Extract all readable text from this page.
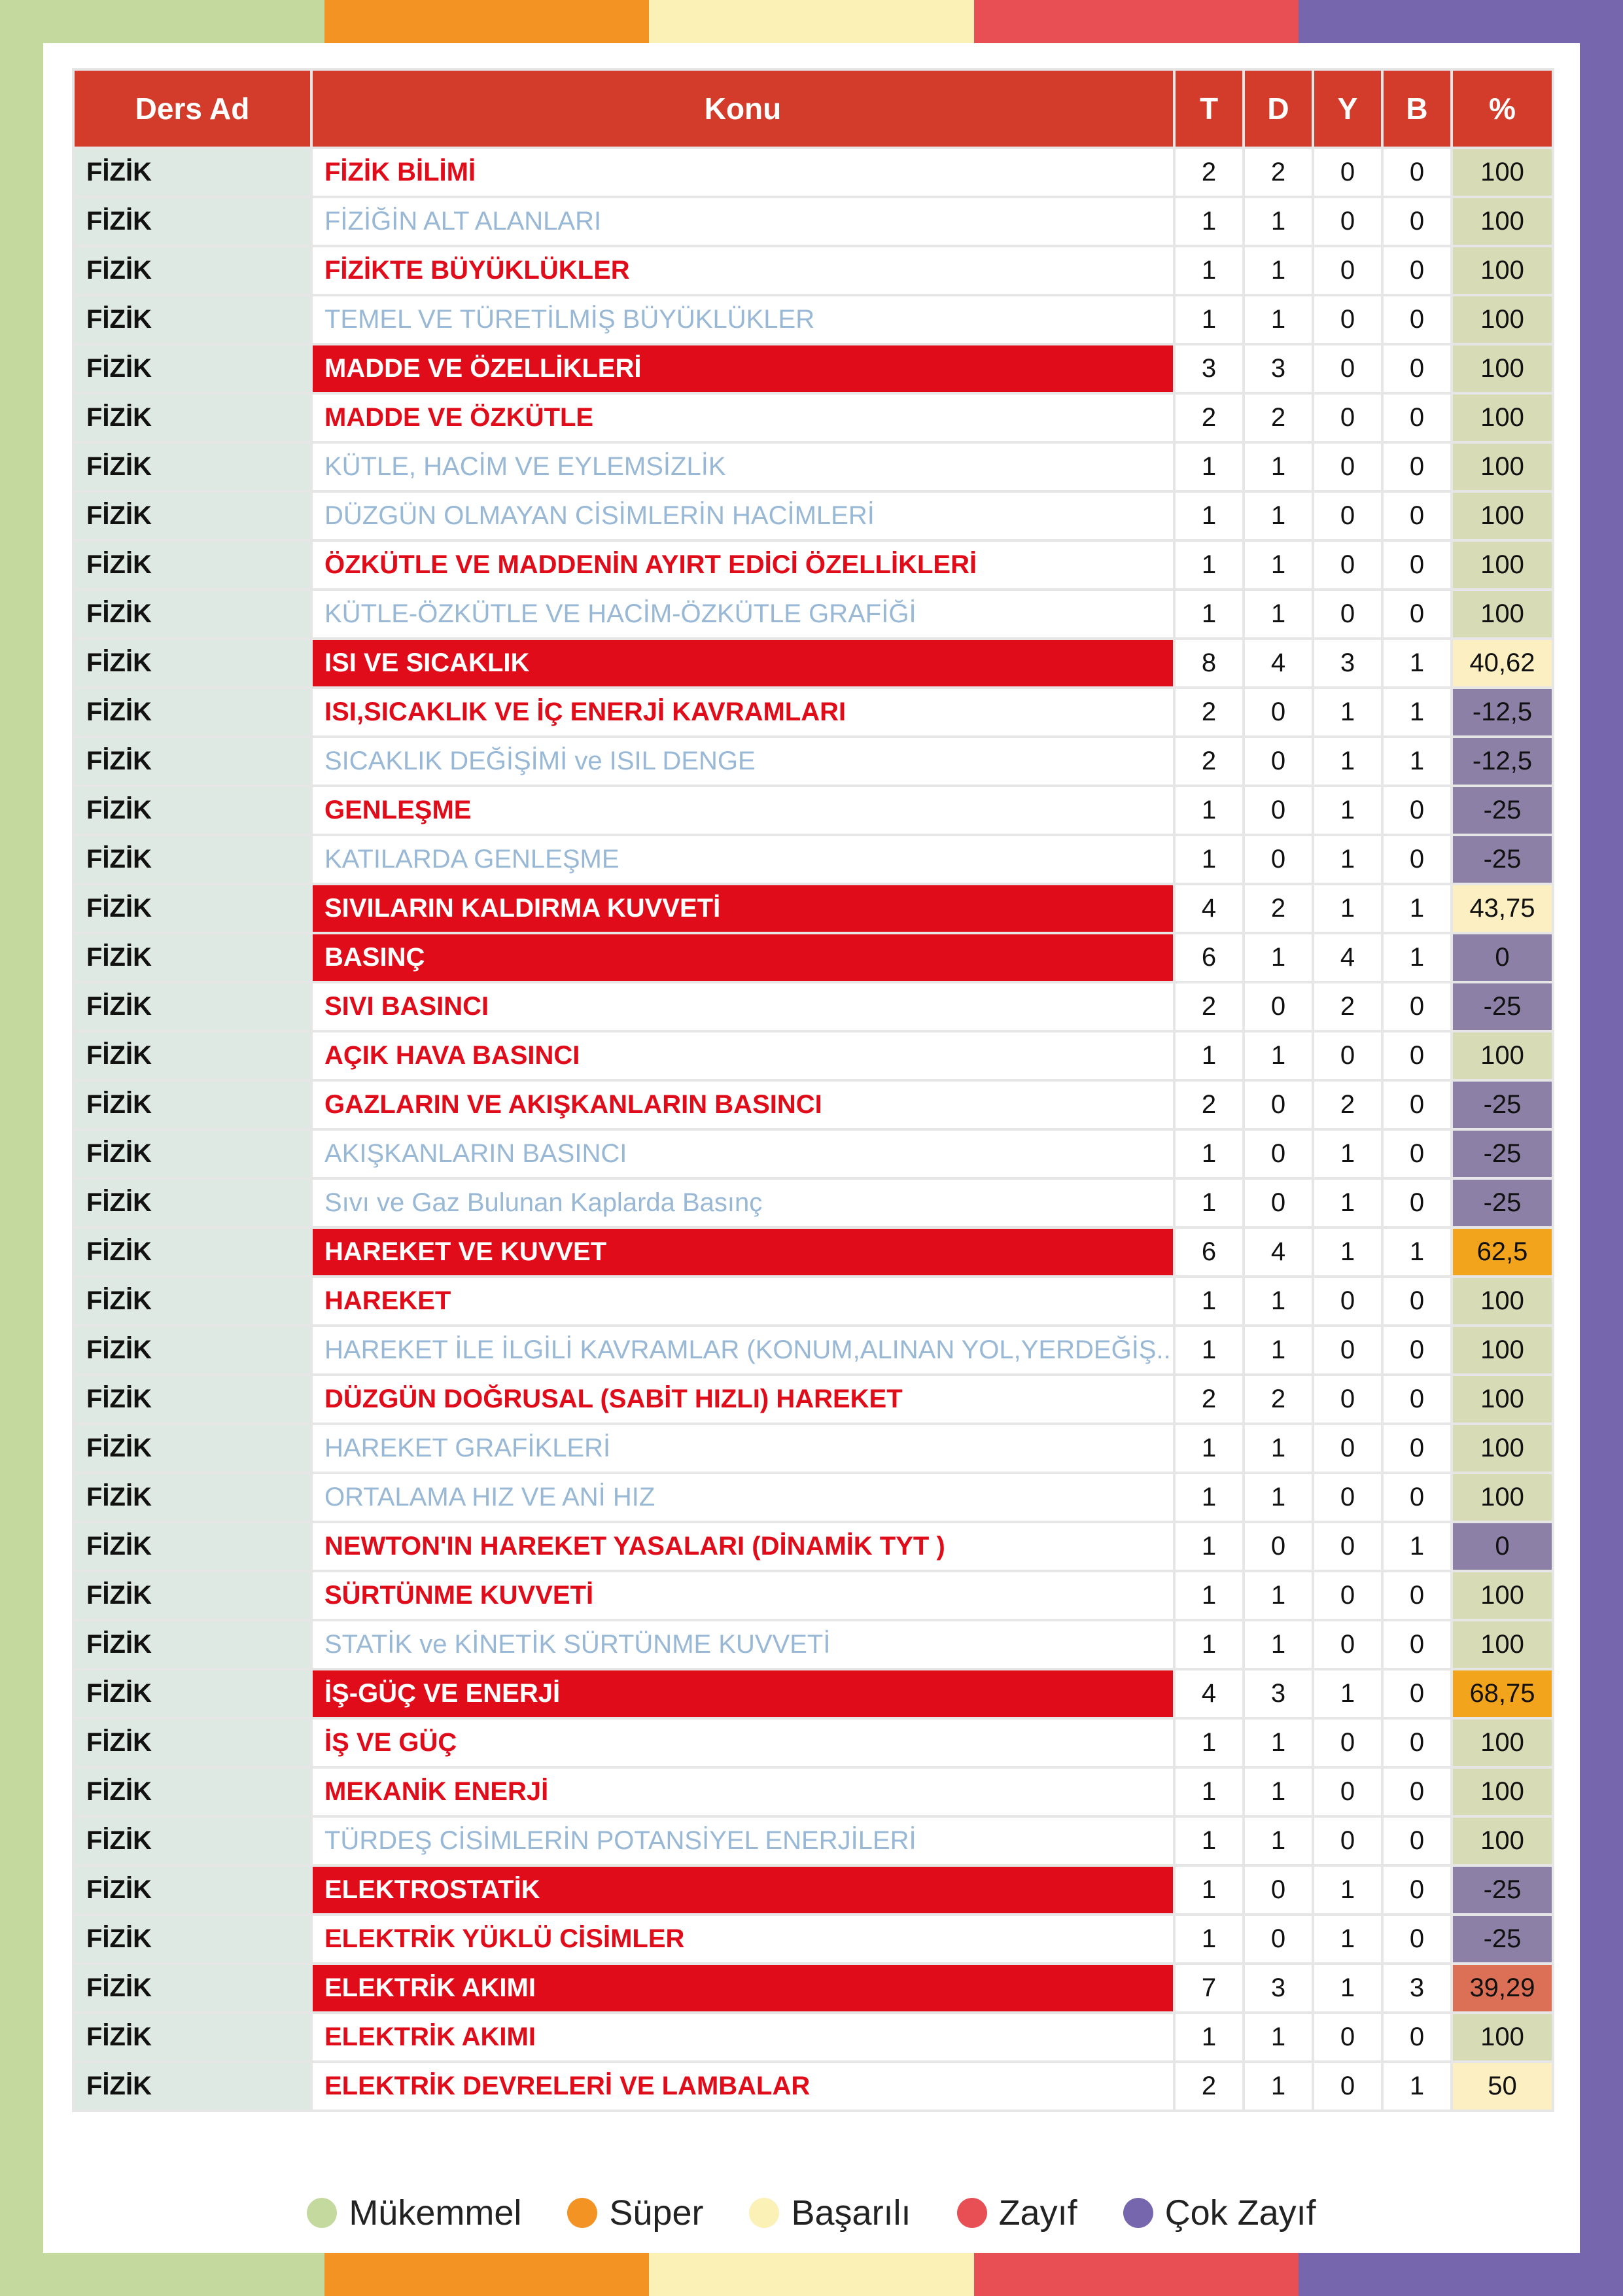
Ders Ad	Konu	T	D	Y	B	%
FİZİK	FİZİK BİLİMİ	2	2	0	0	100
FİZİK	FİZİĞİN ALT ALANLARI	1	1	0	0	100
FİZİK	FİZİKTE BÜYÜKLÜKLER	1	1	0	0	100
FİZİK	TEMEL VE TÜRETİLMİŞ BÜYÜKLÜKLER	1	1	0	0	100
FİZİK	MADDE VE ÖZELLİKLERİ	3	3	0	0	100
FİZİK	MADDE VE ÖZKÜTLE	2	2	0	0	100
FİZİK	KÜTLE, HACİM VE EYLEMSİZLİK	1	1	0	0	100
FİZİK	DÜZGÜN OLMAYAN CİSİMLERİN HACİMLERİ	1	1	0	0	100
FİZİK	ÖZKÜTLE VE MADDENİN AYIRT EDİCİ ÖZELLİKLERİ	1	1	0	0	100
FİZİK	KÜTLE-ÖZKÜTLE VE HACİM-ÖZKÜTLE GRAFİĞİ	1	1	0	0	100
FİZİK	ISI VE SICAKLIK	8	4	3	1	40,62
FİZİK	ISI,SICAKLIK VE İÇ ENERJİ KAVRAMLARI	2	0	1	1	-12,5
FİZİK	SICAKLIK DEĞİŞİMİ ve ISIL DENGE	2	0	1	1	-12,5
FİZİK	GENLEŞME	1	0	1	0	-25
FİZİK	KATILARDA GENLEŞME	1	0	1	0	-25
FİZİK	SIVILARIN KALDIRMA KUVVETİ	4	2	1	1	43,75
FİZİK	BASINÇ	6	1	4	1	0
FİZİK	SIVI BASINCI	2	0	2	0	-25
FİZİK	AÇIK HAVA BASINCI	1	1	0	0	100
FİZİK	GAZLARIN VE AKIŞKANLARIN BASINCI	2	0	2	0	-25
FİZİK	AKIŞKANLARIN BASINCI	1	0	1	0	-25
FİZİK	Sıvı ve Gaz Bulunan Kaplarda Basınç	1	0	1	0	-25
FİZİK	HAREKET VE KUVVET	6	4	1	1	62,5
FİZİK	HAREKET	1	1	0	0	100
FİZİK	HAREKET İLE İLGİLİ KAVRAMLAR (KONUM,ALINAN YOL,YERDEĞİŞ..	1	1	0	0	100
FİZİK	DÜZGÜN DOĞRUSAL (SABİT HIZLI) HAREKET	2	2	0	0	100
FİZİK	HAREKET GRAFİKLERİ	1	1	0	0	100
FİZİK	ORTALAMA HIZ VE ANİ HIZ	1	1	0	0	100
FİZİK	NEWTON'IN HAREKET YASALARI (DİNAMİK TYT )	1	0	0	1	0
FİZİK	SÜRTÜNME KUVVETİ	1	1	0	0	100
FİZİK	STATİK ve KİNETİK SÜRTÜNME KUVVETİ	1	1	0	0	100
FİZİK	İŞ-GÜÇ VE ENERJİ	4	3	1	0	68,75
FİZİK	İŞ VE GÜÇ	1	1	0	0	100
FİZİK	MEKANİK ENERJİ	1	1	0	0	100
FİZİK	TÜRDEŞ CİSİMLERİN POTANSİYEL ENERJİLERİ	1	1	0	0	100
FİZİK	ELEKTROSTATİK	1	0	1	0	-25
FİZİK	ELEKTRİK YÜKLÜ CİSİMLER	1	0	1	0	-25
FİZİK	ELEKTRİK AKIMI	7	3	1	3	39,29
FİZİK	ELEKTRİK AKIMI	1	1	0	0	100
FİZİK	ELEKTRİK DEVRELERİ VE LAMBALAR	2	1	0	1	50
Mükemmel Süper Başarılı Zayıf Çok Zayıf
